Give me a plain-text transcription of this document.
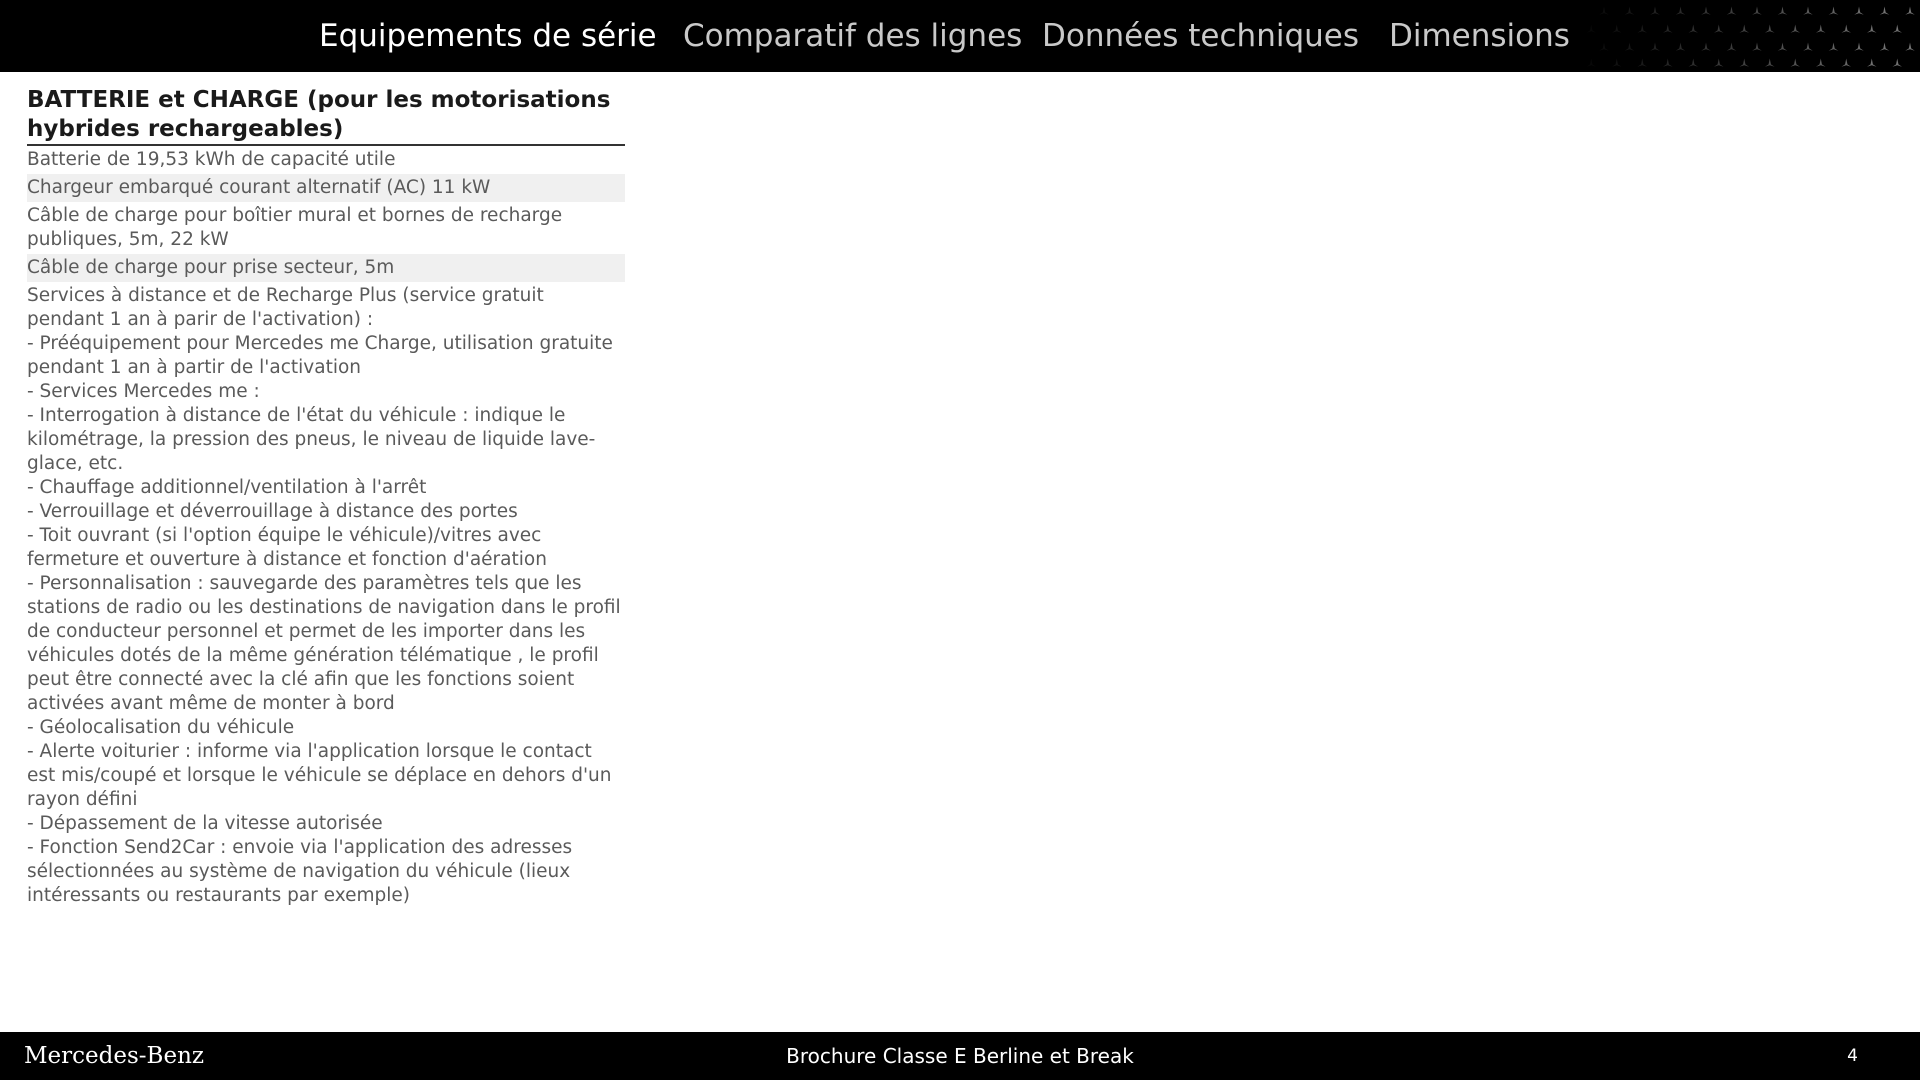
Equipements de série Comparatif des lignes Données techniques Dimensions
BATTERIE et CHARGE (pour les motorisations hybrides rechargeables)
Batterie de 19,53 kWh de capacité utile
Chargeur embarqué courant alternatif (AC) 11 kW
Câble de charge pour boîtier mural et bornes de recharge publiques, 5m, 22 kW
Câble de charge pour prise secteur, 5m
Services à distance et de Recharge Plus (service gratuit pendant 1 an à parir de l'activation) :
- Prééquipement pour Mercedes me Charge, utilisation gratuite pendant 1 an à partir de l'activation
- Services Mercedes me :
- Interrogation à distance de l'état du véhicule : indique le kilométrage, la pression des pneus, le niveau de liquide lave-glace, etc.
- Chauffage additionnel/ventilation à l'arrêt
- Verrouillage et déverrouillage à distance des portes
- Toit ouvrant (si l'option équipe le véhicule)/vitres avec fermeture et ouverture à distance et fonction d'aération
- Personnalisation : sauvegarde des paramètres tels que les stations de radio ou les destinations de navigation dans le profil de conducteur personnel et permet de les importer dans les véhicules dotés de la même génération télématique , le profil peut être connecté avec la clé afin que les fonctions soient activées avant même de monter à bord
- Géolocalisation du véhicule
- Alerte voiturier : informe via l'application lorsque le contact est mis/coupé et lorsque le véhicule se déplace en dehors d'un rayon défini
- Dépassement de la vitesse autorisée
- Fonction Send2Car : envoie via l'application des adresses sélectionnées au système de navigation du véhicule (lieux intéressants ou restaurants par exemple)
Mercedes-Benz	Brochure Classe E Berline et Break	4
